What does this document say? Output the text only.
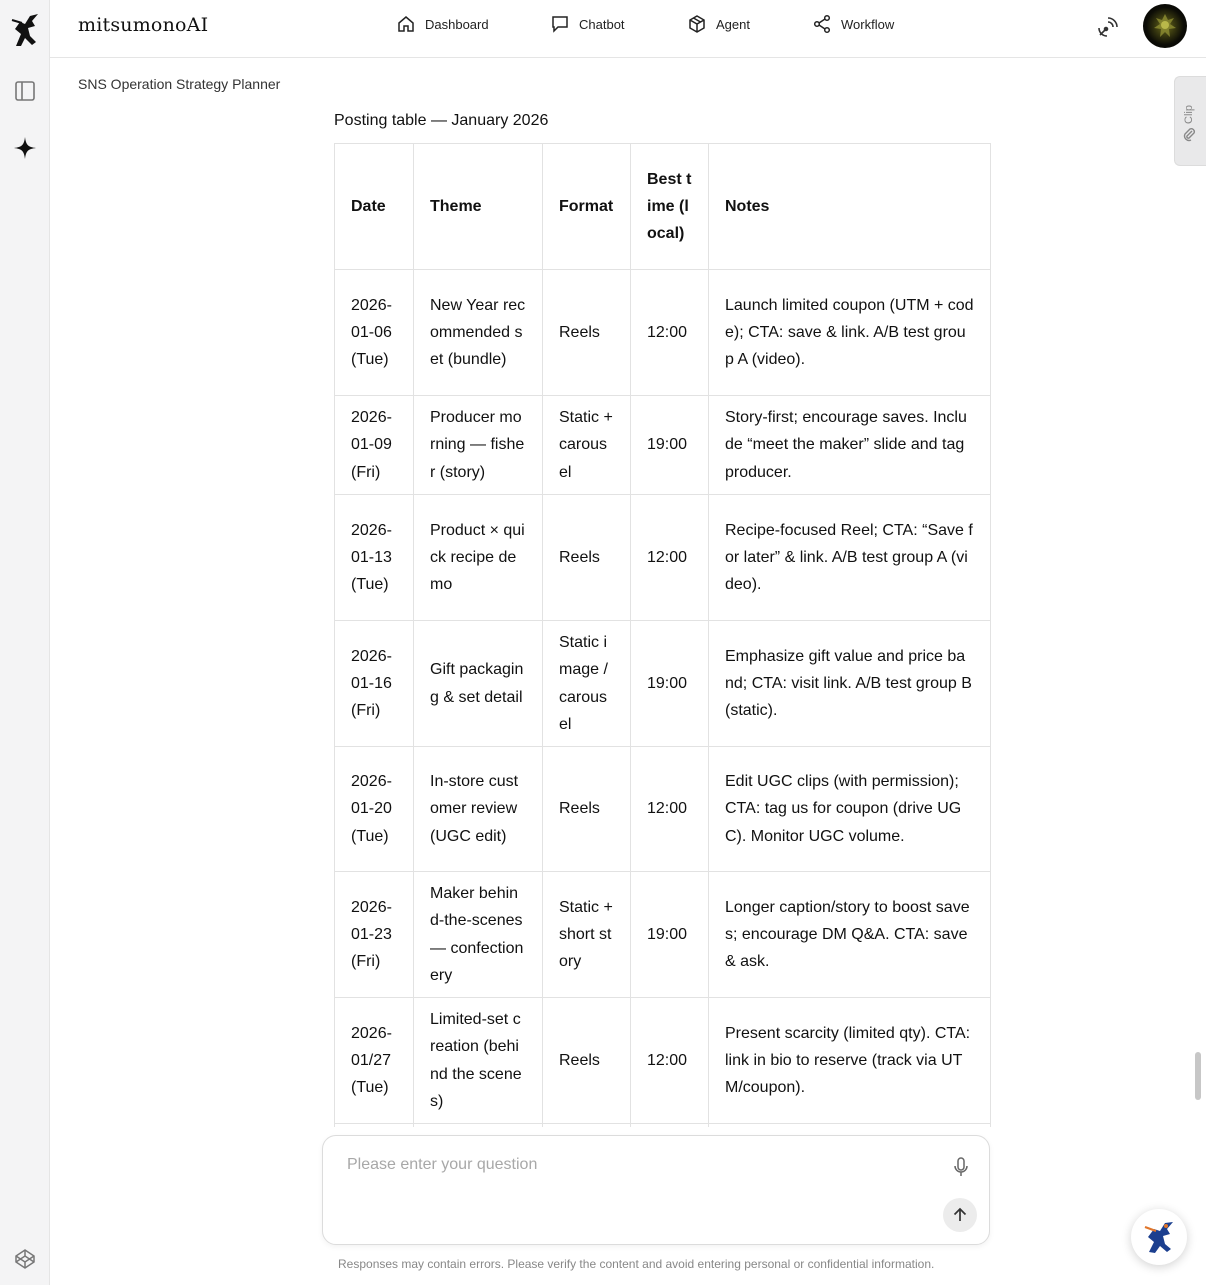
mitsumonoAI	Dashboard	Chatbot	Agent	Workflow
SNS Operation Strategy Planner
Posting table — January 2026
Date	Theme	Format	Best time (local)	Notes
2026-01-06 (Tue)	New Year recommended set (bundle)	Reels	12:00	Launch limited coupon (UTM + code); CTA: save & link. A/B test group A (video).
2026-01-09 (Fri)	Producer morning — fisher (story)	Static + carousel	19:00	Story-first; encourage saves. Include “meet the maker” slide and tag producer.
2026-01-13 (Tue)	Product × quick recipe demo	Reels	12:00	Recipe-focused Reel; CTA: “Save for later” & link. A/B test group A (video).
2026-01-16 (Fri)	Gift packaging & set detail	Static image / carousel	19:00	Emphasize gift value and price band; CTA: visit link. A/B test group B (static).
2026-01-20 (Tue)	In-store customer review (UGC edit)	Reels	12:00	Edit UGC clips (with permission); CTA: tag us for coupon (drive UGC). Monitor UGC volume.
2026-01-23 (Fri)	Maker behind-the-scenes — confectionery	Static + short story	19:00	Longer caption/story to boost saves; encourage DM Q&A. CTA: save & ask.
2026-01/27 (Tue)	Limited-set creation (behind the scenes)	Reels	12:00	Present scarcity (limited qty). CTA: link in bio to reserve (track via UTM/coupon).

Clip
Please enter your question
Responses may contain errors. Please verify the content and avoid entering personal or confidential information.
